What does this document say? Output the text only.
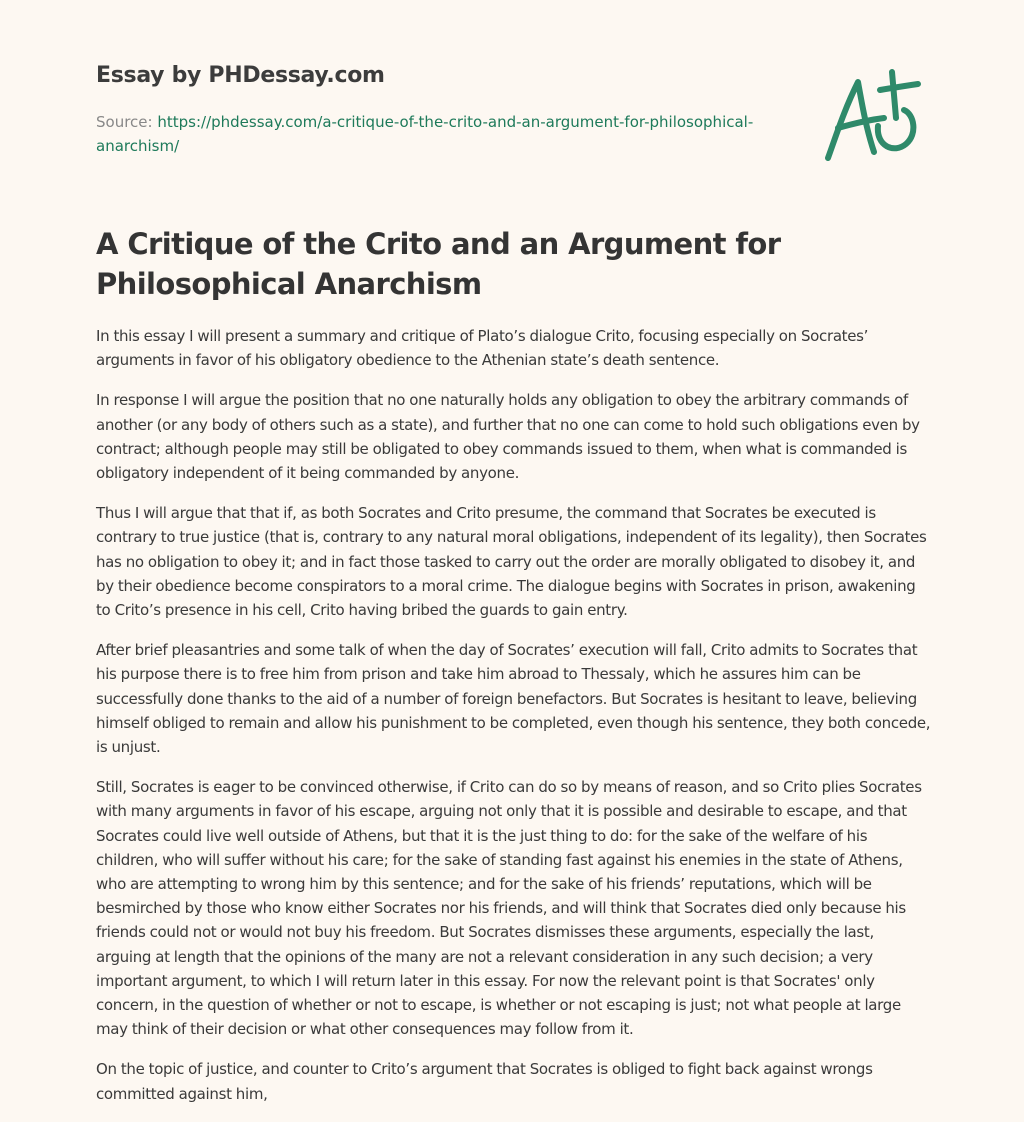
Essay by PHDessay.com
Source: https://phdessay.com/a-critique-of-the-crito-and-an-argument-for-philosophical-anarchism/
A Critique of the Crito and an Argument for Philosophical Anarchism

In this essay I will present a summary and critique of Plato’s dialogue Crito, focusing especially on Socrates’ arguments in favor of his obligatory obedience to the Athenian state’s death sentence.

In response I will argue the position that no one naturally holds any obligation to obey the arbitrary commands of another (or any body of others such as a state), and further that no one can come to hold such obligations even by contract; although people may still be obligated to obey commands issued to them, when what is commanded is obligatory independent of it being commanded by anyone.

Thus I will argue that that if, as both Socrates and Crito presume, the command that Socrates be executed is contrary to true justice (that is, contrary to any natural moral obligations, independent of its legality), then Socrates has no obligation to obey it; and in fact those tasked to carry out the order are morally obligated to disobey it, and by their obedience become conspirators to a moral crime. The dialogue begins with Socrates in prison, awakening to Crito’s presence in his cell, Crito having bribed the guards to gain entry.

After brief pleasantries and some talk of when the day of Socrates’ execution will fall, Crito admits to Socrates that his purpose there is to free him from prison and take him abroad to Thessaly, which he assures him can be successfully done thanks to the aid of a number of foreign benefactors. But Socrates is hesitant to leave, believing himself obliged to remain and allow his punishment to be completed, even though his sentence, they both concede, is unjust.

Still, Socrates is eager to be convinced otherwise, if Crito can do so by means of reason, and so Crito plies Socrates with many arguments in favor of his escape, arguing not only that it is possible and desirable to escape, and that Socrates could live well outside of Athens, but that it is the just thing to do: for the sake of the welfare of his children, who will suffer without his care; for the sake of standing fast against his enemies in the state of Athens, who are attempting to wrong him by this sentence; and for the sake of his friends’ reputations, which will be besmirched by those who know either Socrates nor his friends, and will think that Socrates died only because his friends could not or would not buy his freedom. But Socrates dismisses these arguments, especially the last, arguing at length that the opinions of the many are not a relevant consideration in any such decision; a very important argument, to which I will return later in this essay. For now the relevant point is that Socrates' only concern, in the question of whether or not to escape, is whether or not escaping is just; not what people at large may think of their decision or what other consequences may follow from it.

On the topic of justice, and counter to Crito’s argument that Socrates is obliged to fight back against wrongs committed against him,
